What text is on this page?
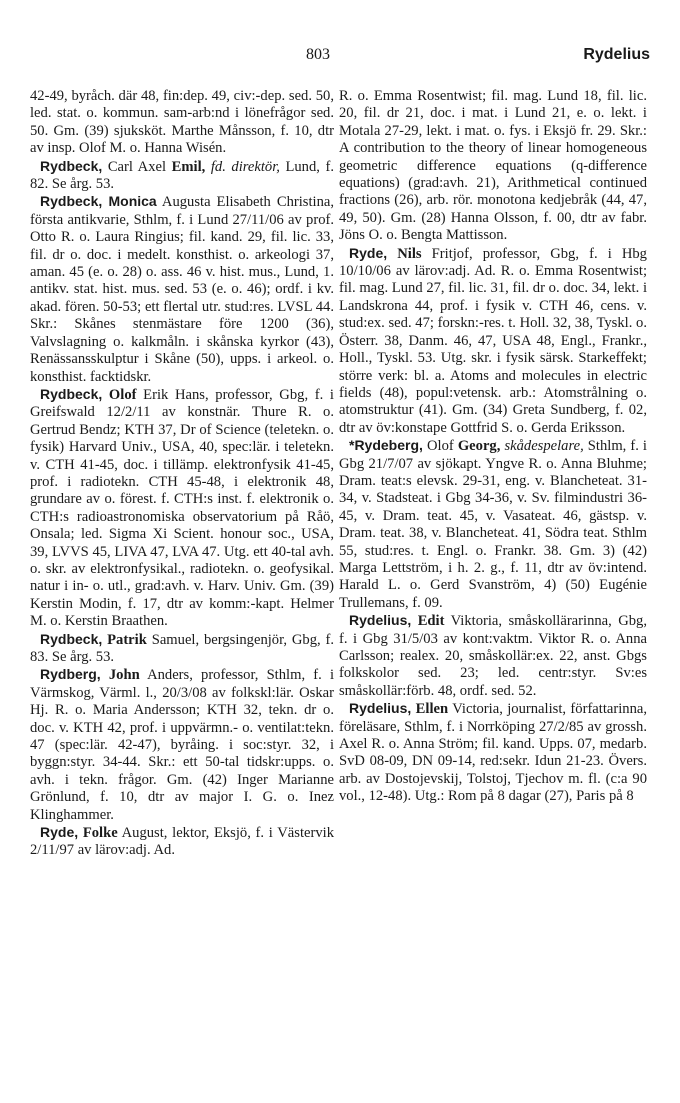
803	Rydelius

42-49, byråch. där 48, fin:dep. 49, civ:-dep. sed. 50, led. stat. o. kommun. sam-arb:nd i lönefrågor sed. 50. Gm. (39) sjuksköt. Marthe Månsson, f. 10, dtr av insp. Olof M. o. Hanna Wisén.

Rydbeck, Carl Axel Emil, fd. direktör, Lund, f. 82. Se årg. 53.

Rydbeck, Monica Augusta Elisabeth Christina, första antikvarie, Sthlm, f. i Lund 27/11/06 av prof. Otto R. o. Laura Ringius; fil. kand. 29, fil. lic. 33, fil. dr o. doc. i medelt. konsthist. o. arkeologi 37, aman. 45 (e. o. 28) o. ass. 46 v. hist. mus., Lund, 1. antikv. stat. hist. mus. sed. 53 (e. o. 46); ordf. i kv. akad. fören. 50-53; ett flertal utr. stud:res. LVSL 44. Skr.: Skånes stenmästare före 1200 (36), Valvslagning o. kalkmåln. i skånska kyrkor (43), Renässansskulptur i Skåne (50), upps. i arkeol. o. konsthist. facktidskr.

Rydbeck, Olof Erik Hans, professor, Gbg, f. i Greifswald 12/2/11 av konstnär. Thure R. o. Gertrud Bendz; KTH 37, Dr of Science (teletekn. o. fysik) Harvard Univ., USA, 40, spec:lär. i teletekn. v. CTH 41-45, doc. i tillämp. elektronfysik 41-45, prof. i radiotekn. CTH 45-48, i elektronik 48, grundare av o. förest. f. CTH:s inst. f. elektronik o. CTH:s radioastronomiska observatorium på Råö, Onsala; led. Sigma Xi Scient. honour soc., USA, 39, LVVS 45, LIVA 47, LVA 47. Utg. ett 40-tal avh. o. skr. av elektronfysikal., radiotekn. o. geofysikal. natur i in- o. utl., grad:avh. v. Harv. Univ. Gm. (39) Kerstin Modin, f. 17, dtr av komm:-kapt. Helmer M. o. Kerstin Braathen.

Rydbeck, Patrik Samuel, bergsingenjör, Gbg, f. 83. Se årg. 53.

Rydberg, John Anders, professor, Sthlm, f. i Värmskog, Värml. l., 20/3/08 av folkskl:lär. Oskar Hj. R. o. Maria Andersson; KTH 32, tekn. dr o. doc. v. KTH 42, prof. i uppvärmn.- o. ventilat:tekn. 47 (spec:lär. 42-47), byråing. i soc:styr. 32, i byggn:styr. 34-44. Skr.: ett 50-tal tidskr:upps. o. avh. i tekn. frågor. Gm. (42) Inger Marianne Grönlund, f. 10, dtr av major I. G. o. Inez Klinghammer.

Ryde, Folke August, lektor, Eksjö, f. i Västervik 2/11/97 av lärov:adj. Ad.

R. o. Emma Rosentwist; fil. mag. Lund 18, fil. lic. 20, fil. dr 21, doc. i mat. i Lund 21, e. o. lekt. i Motala 27-29, lekt. i mat. o. fys. i Eksjö fr. 29. Skr.: A contribution to the theory of linear homogeneous geometric difference equations (q-difference equations) (grad:avh. 21), Arithmetical continued fractions (26), arb. rör. monotona kedjebråk (44, 47, 49, 50). Gm. (28) Hanna Olsson, f. 00, dtr av fabr. Jöns O. o. Bengta Mattisson.

Ryde, Nils Fritjof, professor, Gbg, f. i Hbg 10/10/06 av lärov:adj. Ad. R. o. Emma Rosentwist; fil. mag. Lund 27, fil. lic. 31, fil. dr o. doc. 34, lekt. i Landskrona 44, prof. i fysik v. CTH 46, cens. v. stud:ex. sed. 47; forskn:-res. t. Holl. 32, 38, Tyskl. o. Österr. 38, Danm. 46, 47, USA 48, Engl., Frankr., Holl., Tyskl. 53. Utg. skr. i fysik särsk. Starkeffekt; större verk: bl. a. Atoms and molecules in electric fields (48), popul:vetensk. arb.: Atomstrålning o. atomstruktur (41). Gm. (34) Greta Sundberg, f. 02, dtr av öv:konstape Gottfrid S. o. Gerda Eriksson.

*Rydeberg, Olof Georg, skådespelare, Sthlm, f. i Gbg 21/7/07 av sjökapt. Yngve R. o. Anna Bluhme; Dram. teat:s elevsk. 29-31, eng. v. Blancheteat. 31-34, v. Stadsteat. i Gbg 34-36, v. Sv. filmindustri 36-45, v. Dram. teat. 45, v. Vasateat. 46, gästsp. v. Dram. teat. 38, v. Blancheteat. 41, Södra teat. Sthlm 55, stud:res. t. Engl. o. Frankr. 38. Gm. 3) (42) Marga Lettström, i h. 2. g., f. 11, dtr av öv:intend. Harald L. o. Gerd Svanström, 4) (50) Eugénie Trullemans, f. 09.

Rydelius, Edit Viktoria, småskollärarinna, Gbg, f. i Gbg 31/5/03 av kont:vaktm. Viktor R. o. Anna Carlsson; realex. 20, småskollär:ex. 22, anst. Gbgs folkskolor sed. 23; led. centr:styr. Sv:es småskollär:förb. 48, ordf. sed. 52.

Rydelius, Ellen Victoria, journalist, författarinna, föreläsare, Sthlm, f. i Norrköping 27/2/85 av grossh. Axel R. o. Anna Ström; fil. kand. Upps. 07, medarb. SvD 08-09, DN 09-14, red:sekr. Idun 21-23. Övers. arb. av Dostojevskij, Tolstoj, Tjechov m. fl. (c:a 90 vol., 12-48). Utg.: Rom på 8 dagar (27), Paris på 8
